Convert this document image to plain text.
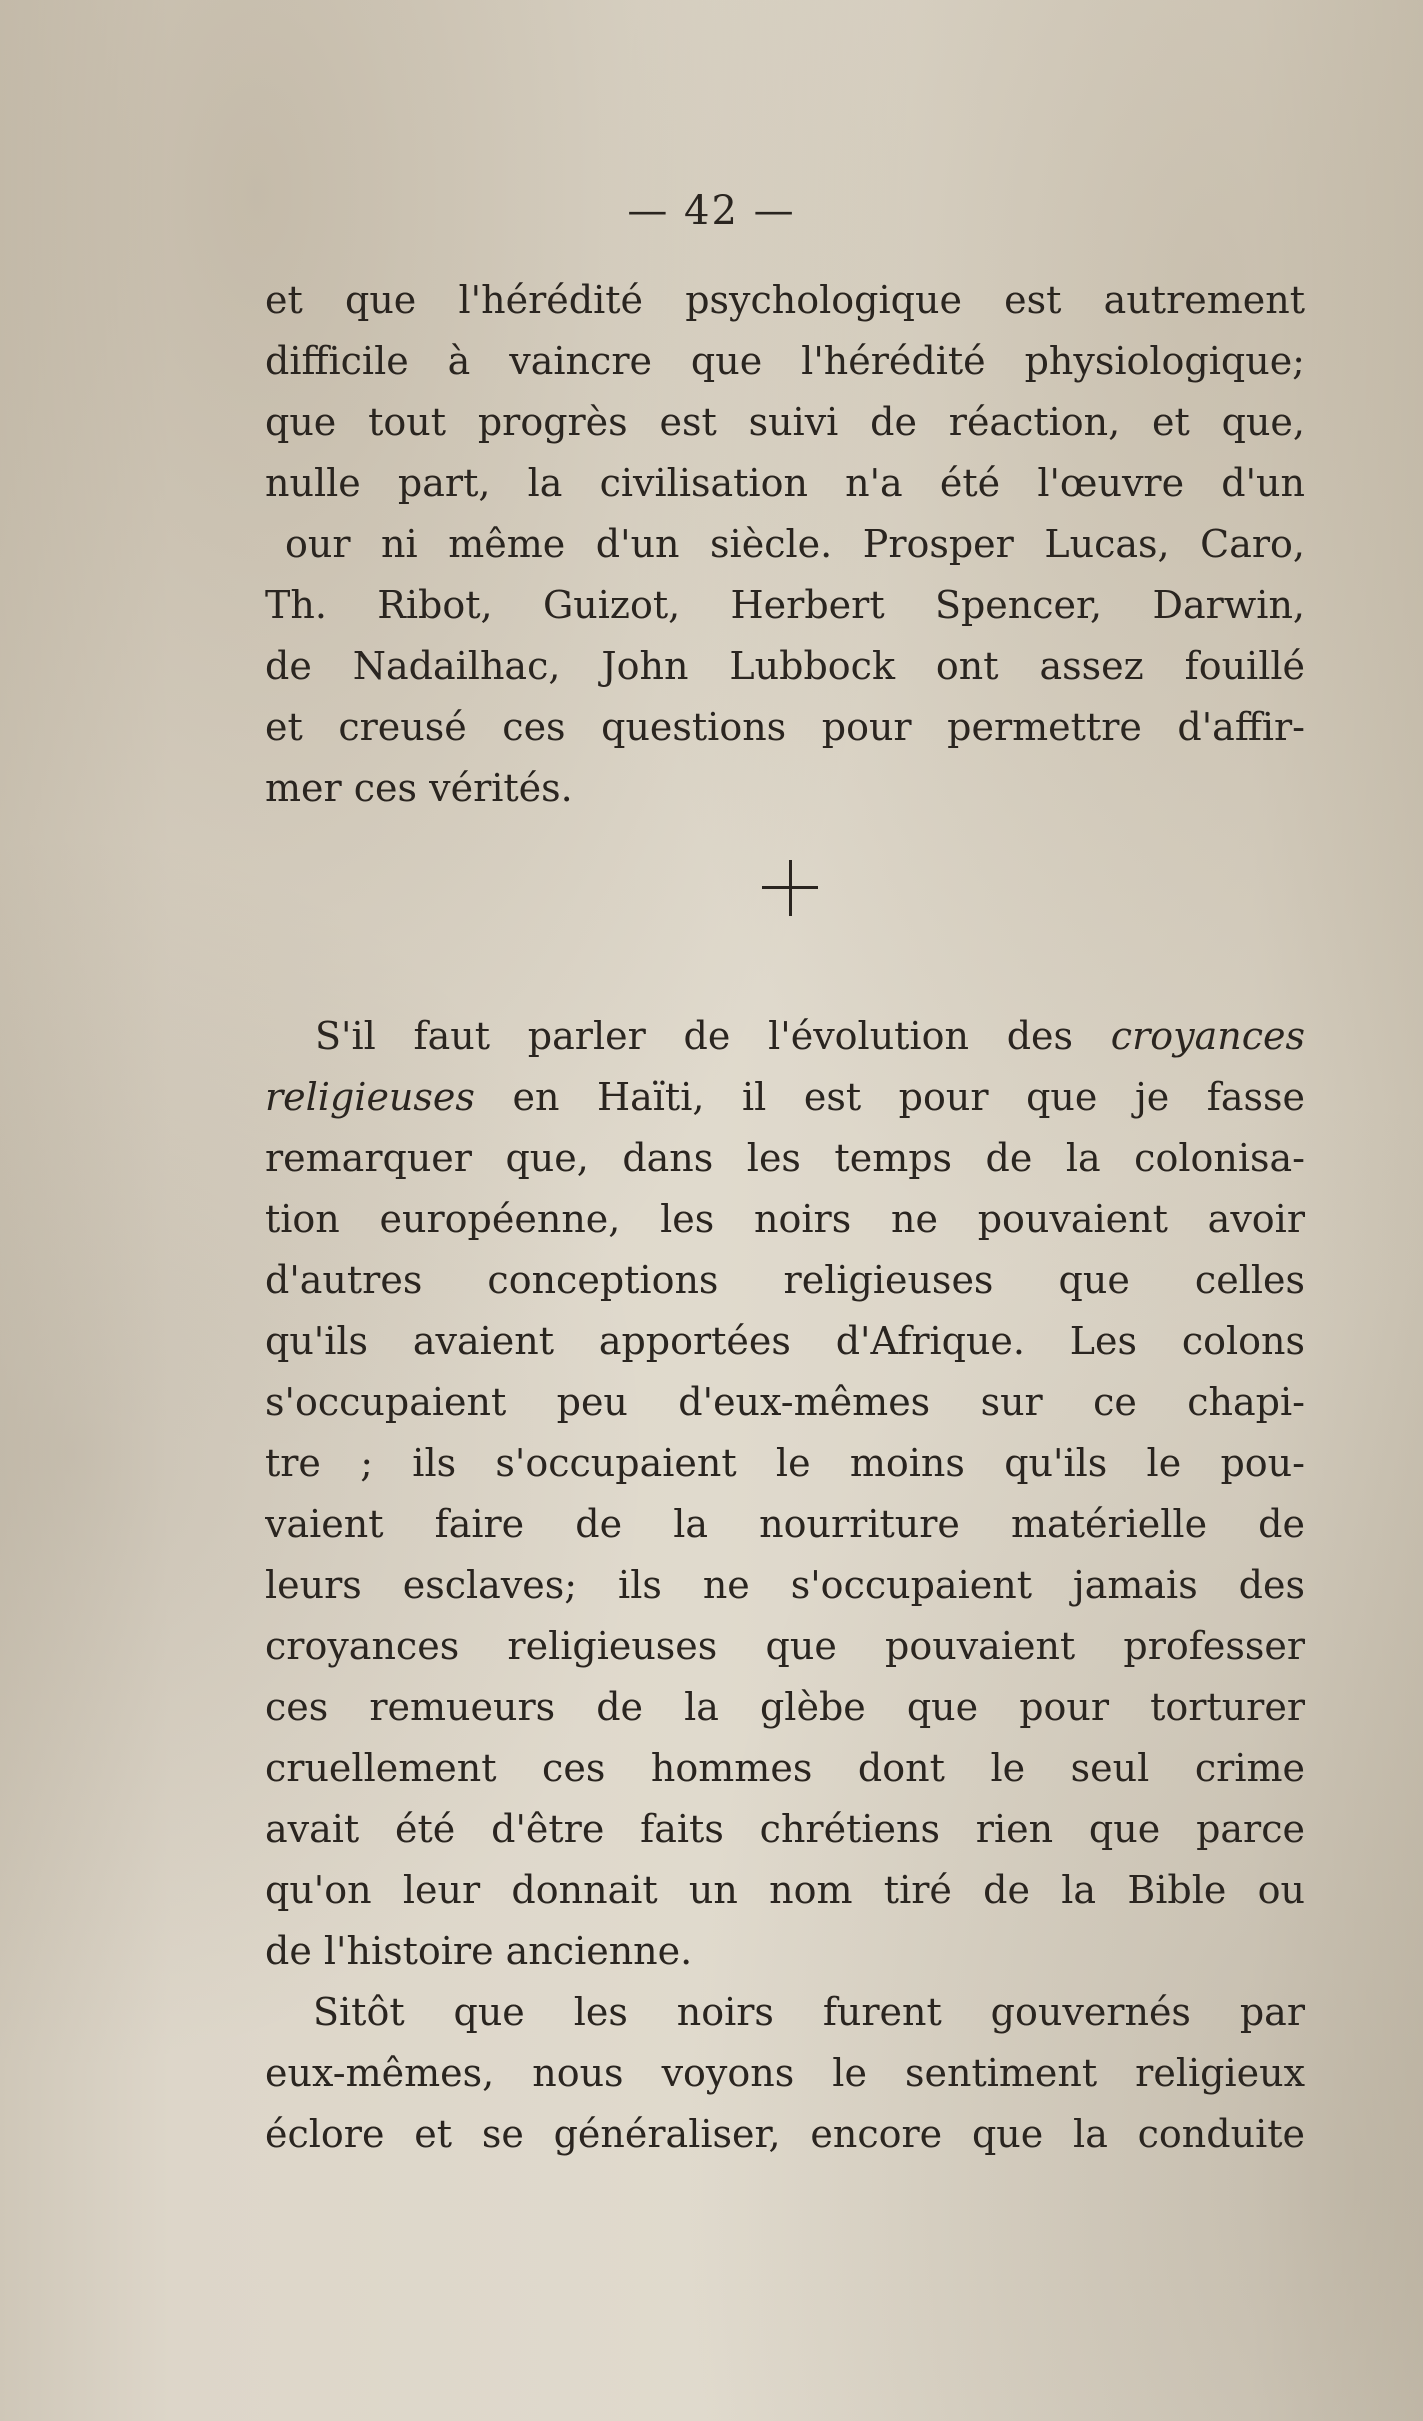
— 42 —
et que l'hérédité psychologique est autrement
difficile à vaincre que l'hérédité physiologique;
que tout progrès est suivi de réaction, et que,
nulle part, la civilisation n'a été l'œuvre d'un
our ni même d'un siècle. Prosper Lucas, Caro,
Th. Ribot, Guizot, Herbert Spencer, Darwin,
de Nadailhac, John Lubbock ont assez fouillé
et creusé ces questions pour permettre d'affir-
mer ces vérités.
S'il faut parler de l'évolution des croyances
religieuses en Haïti, il est pour que je fasse
remarquer que, dans les temps de la colonisa-
tion européenne, les noirs ne pouvaient avoir
d'autres conceptions religieuses que celles
qu'ils avaient apportées d'Afrique. Les colons
s'occupaient peu d'eux-mêmes sur ce chapi-
tre ; ils s'occupaient le moins qu'ils le pou-
vaient faire de la nourriture matérielle de
leurs esclaves; ils ne s'occupaient jamais des
croyances religieuses que pouvaient professer
ces remueurs de la glèbe que pour torturer
cruellement ces hommes dont le seul crime
avait été d'être faits chrétiens rien que parce
qu'on leur donnait un nom tiré de la Bible ou
de l'histoire ancienne.
Sitôt que les noirs furent gouvernés par
eux-mêmes, nous voyons le sentiment religieux
éclore et se généraliser, encore que la conduite
